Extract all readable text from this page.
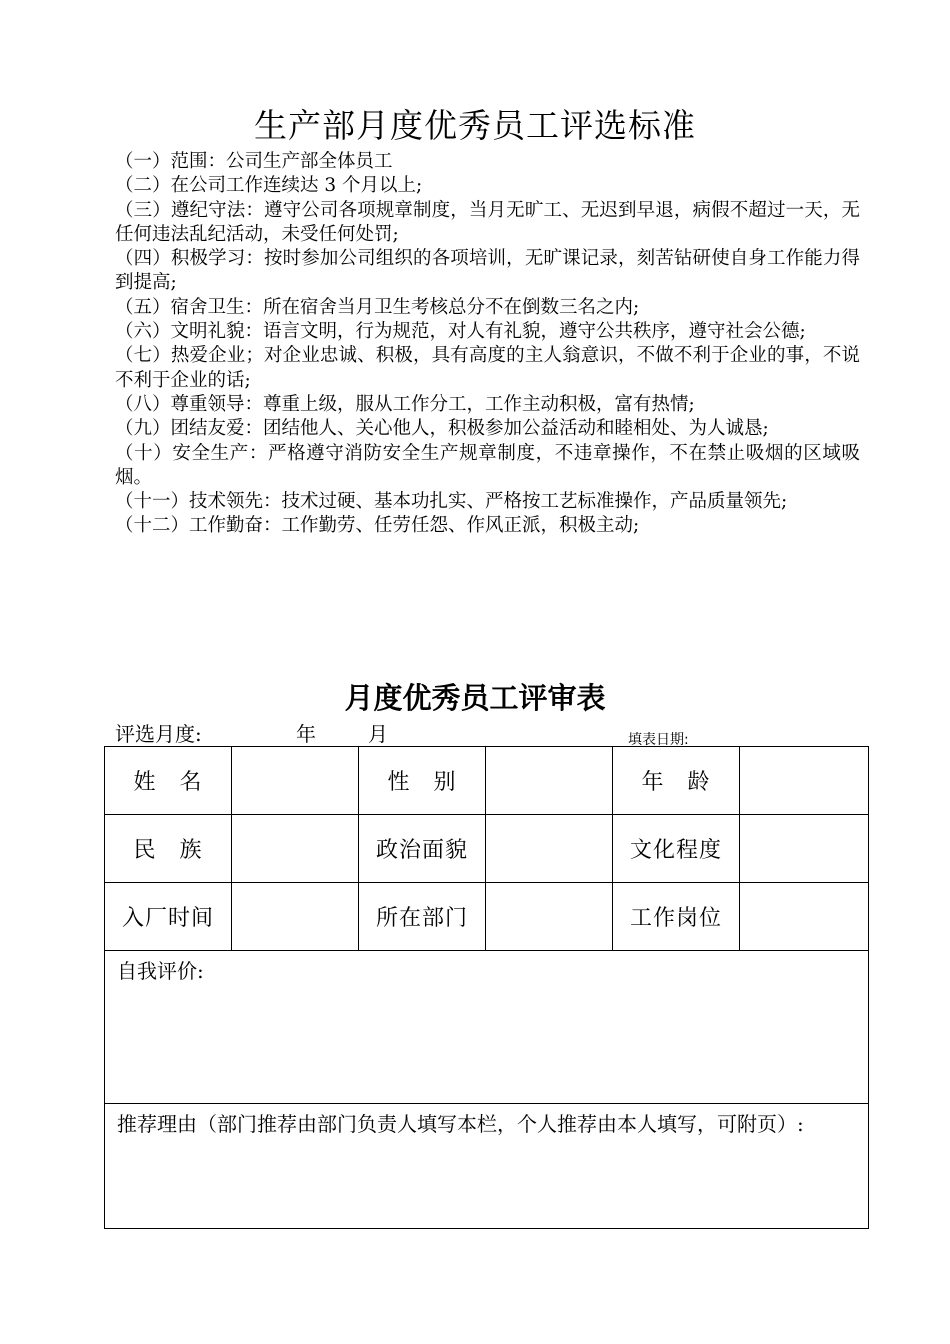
生产部月度优秀员工评选标准
（一）范围：公司生产部全体员工
（二）在公司工作连续达 3 个月以上;
（三）遵纪守法：遵守公司各项规章制度，当月无旷工、无迟到早退，病假不超过一天，无任何违法乱纪活动，未受任何处罚;
（四）积极学习：按时参加公司组织的各项培训，无旷课记录，刻苦钻研使自身工作能力得到提高;
（五）宿舍卫生：所在宿舍当月卫生考核总分不在倒数三名之内;
（六）文明礼貌：语言文明，行为规范，对人有礼貌，遵守公共秩序，遵守社会公德;
（七）热爱企业；对企业忠诚、积极，具有高度的主人翁意识，不做不利于企业的事，不说不利于企业的话;
（八）尊重领导：尊重上级，服从工作分工，工作主动积极，富有热情;
（九）团结友爱：团结他人、关心他人，积极参加公益活动和睦相处、为人诚恳;
（十）安全生产：严格遵守消防安全生产规章制度，不违章操作，不在禁止吸烟的区域吸烟。
（十一）技术领先：技术过硬、基本功扎实、严格按工艺标准操作，产品质量领先;
（十二）工作勤奋：工作勤劳、任劳任怨、作风正派，积极主动;
月度优秀员工评审表
评选月度:	年	月	填表日期:
姓　名		性　别		年　龄	
民　族		政治面貌		文化程度	
入厂时间		所在部门		工作岗位	
自我评价:					
推荐理由（部门推荐由部门负责人填写本栏，个人推荐由本人填写，可附页）:					
